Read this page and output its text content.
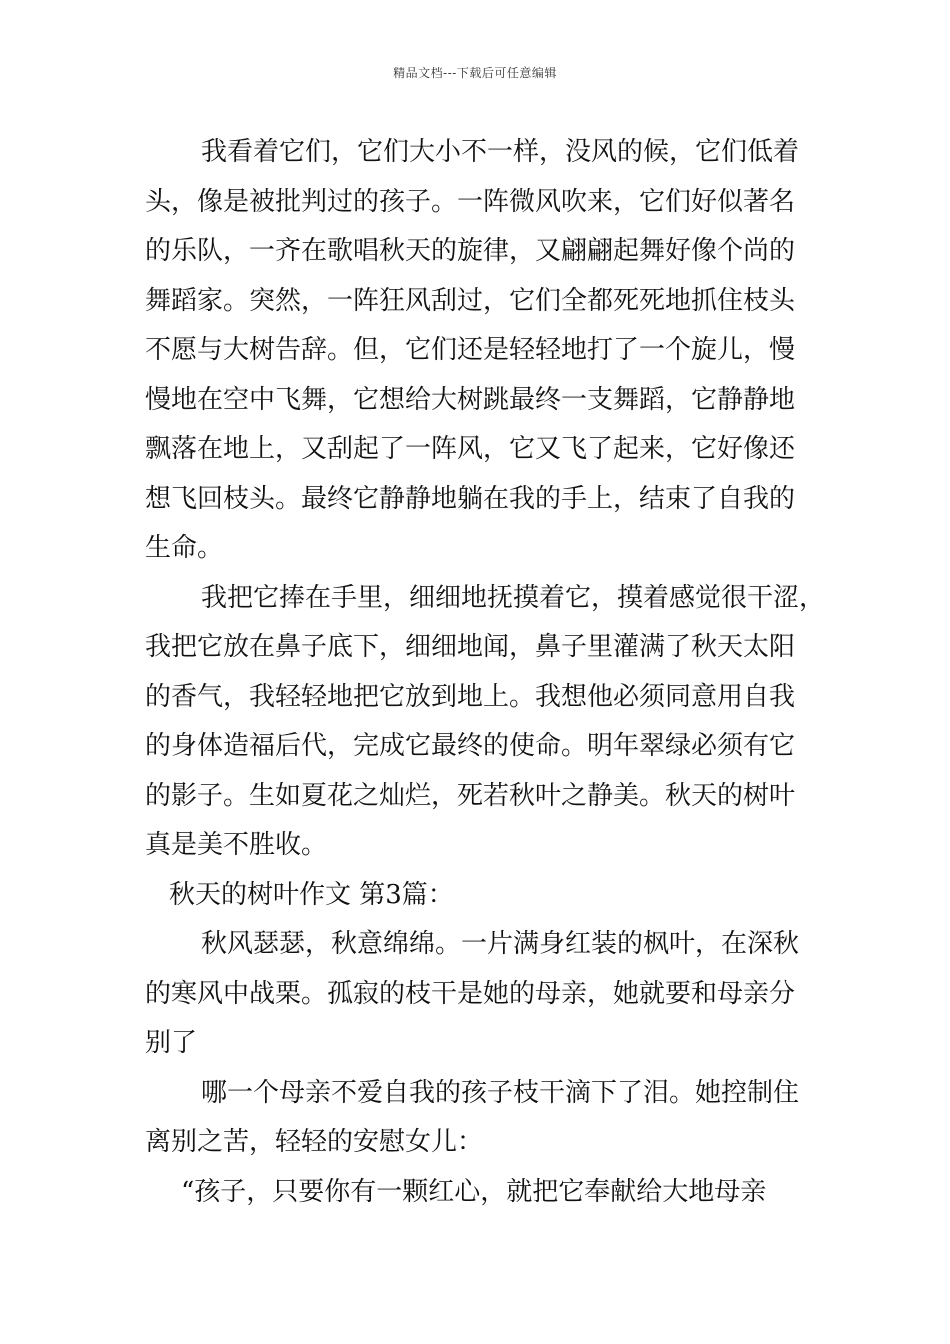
精品文档---下载后可任意编辑
我看着它们，它们大小不一样，没风的候，它们低着
头，像是被批判过的孩子。一阵微风吹来，它们好似著名
的乐队，一齐在歌唱秋天的旋律，又翩翩起舞好像个尚的
舞蹈家。突然，一阵狂风刮过，它们全都死死地抓住枝头
不愿与大树告辞。但，它们还是轻轻地打了一个旋儿，慢
慢地在空中飞舞，它想给大树跳最终一支舞蹈，它静静地
飘落在地上，又刮起了一阵风，它又飞了起来，它好像还
想飞回枝头。最终它静静地躺在我的手上，结束了自我的
生命。
我把它捧在手里，细细地抚摸着它，摸着感觉很干涩，
我把它放在鼻子底下，细细地闻，鼻子里灌满了秋天太阳
的香气，我轻轻地把它放到地上。我想他必须同意用自我
的身体造福后代，完成它最终的使命。明年翠绿必须有它
的影子。生如夏花之灿烂，死若秋叶之静美。秋天的树叶
真是美不胜收。
秋天的树叶作文 第3篇：
秋风瑟瑟，秋意绵绵。一片满身红装的枫叶，在深秋
的寒风中战栗。孤寂的枝干是她的母亲，她就要和母亲分
别了
哪一个母亲不爱自我的孩子枝干滴下了泪。她控制住
离别之苦，轻轻的安慰女儿：
“孩子，只要你有一颗红心，就把它奉献给大地母亲
